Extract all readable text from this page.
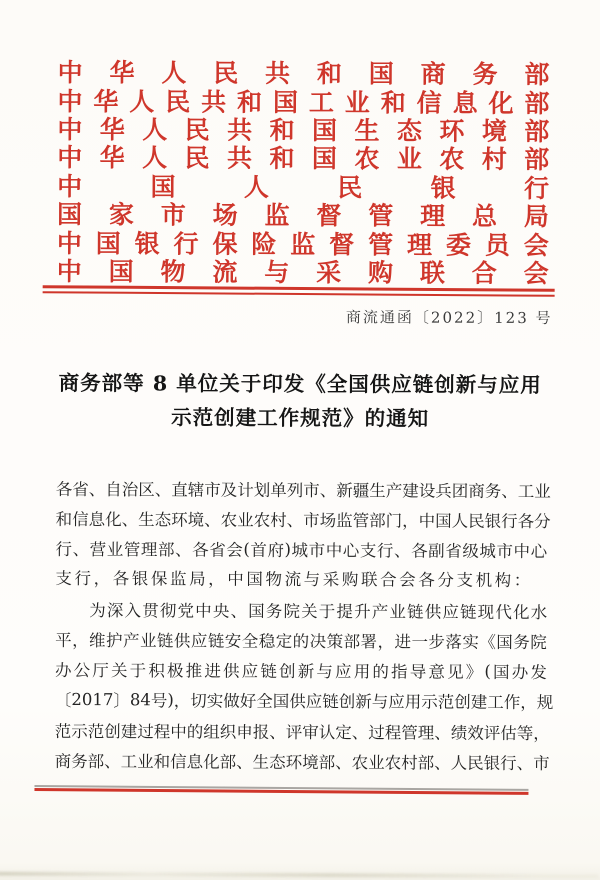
中 华 人 民 共 和 国 商 务 部
中 华 人 民 共 和 国 工 业 和 信 息 化 部
中 华 人 民 共 和 国 生 态 环 境 部
中 华 人 民 共 和 国 农 业 农 村 部
中	国	人	民	银	行
国 家 市 场 监 督 管 理 总 局
中 国 银 行 保 险 监 督 管 理 委 员 会
中 国 物 流 与 采 购 联 合 会
商流通函〔2022〕123 号
商务部等 8 单位关于印发《全国供应链创新与应用
示范创建工作规范》的通知
各 省 、 自 治 区 、 直 辖 市 及 计 划 单 列 市 、 新 疆 生 产 建 设 兵 团 商 务 、 工 业
和 信 息 化 、 生 态 环 境 、 农 业 农 村 、 市 场 监 管 部 门 ， 中 国 人 民 银 行 各 分
行 、 营 业 管 理 部 、 各 省 会 ( 首 府 ) 城 市 中 心 支 行 、 各 副 省 级 城 市 中 心
支行，各银保监局，中国物流与采购联合会各分支机构：
为 深 入 贯 彻 党 中 央 、 国 务 院 关 于 提 升 产 业 链 供 应 链 现 代 化 水
平 ， 维 护 产 业 链 供 应 链 安 全 稳 定 的 决 策 部 署 ， 进 一 步 落 实 《 国 务 院
办 公 厅 关 于 积 极 推 进 供 应 链 创 新 与 应 用 的 指 导 意 见 》 ( 国 办 发
〔 2017 〕 84 号 ) ， 切 实 做 好 全 国 供 应 链 创 新 与 应 用 示 范 创 建 工 作 ， 规
范 示 范 创 建 过 程 中 的 组 织 申 报 、 评 审 认 定 、 过 程 管 理 、 绩 效 评 估 等 ，
商 务 部 、 工 业 和 信 息 化 部 、 生 态 环 境 部 、 农 业 农 村 部 、 人 民 银 行 、 市
